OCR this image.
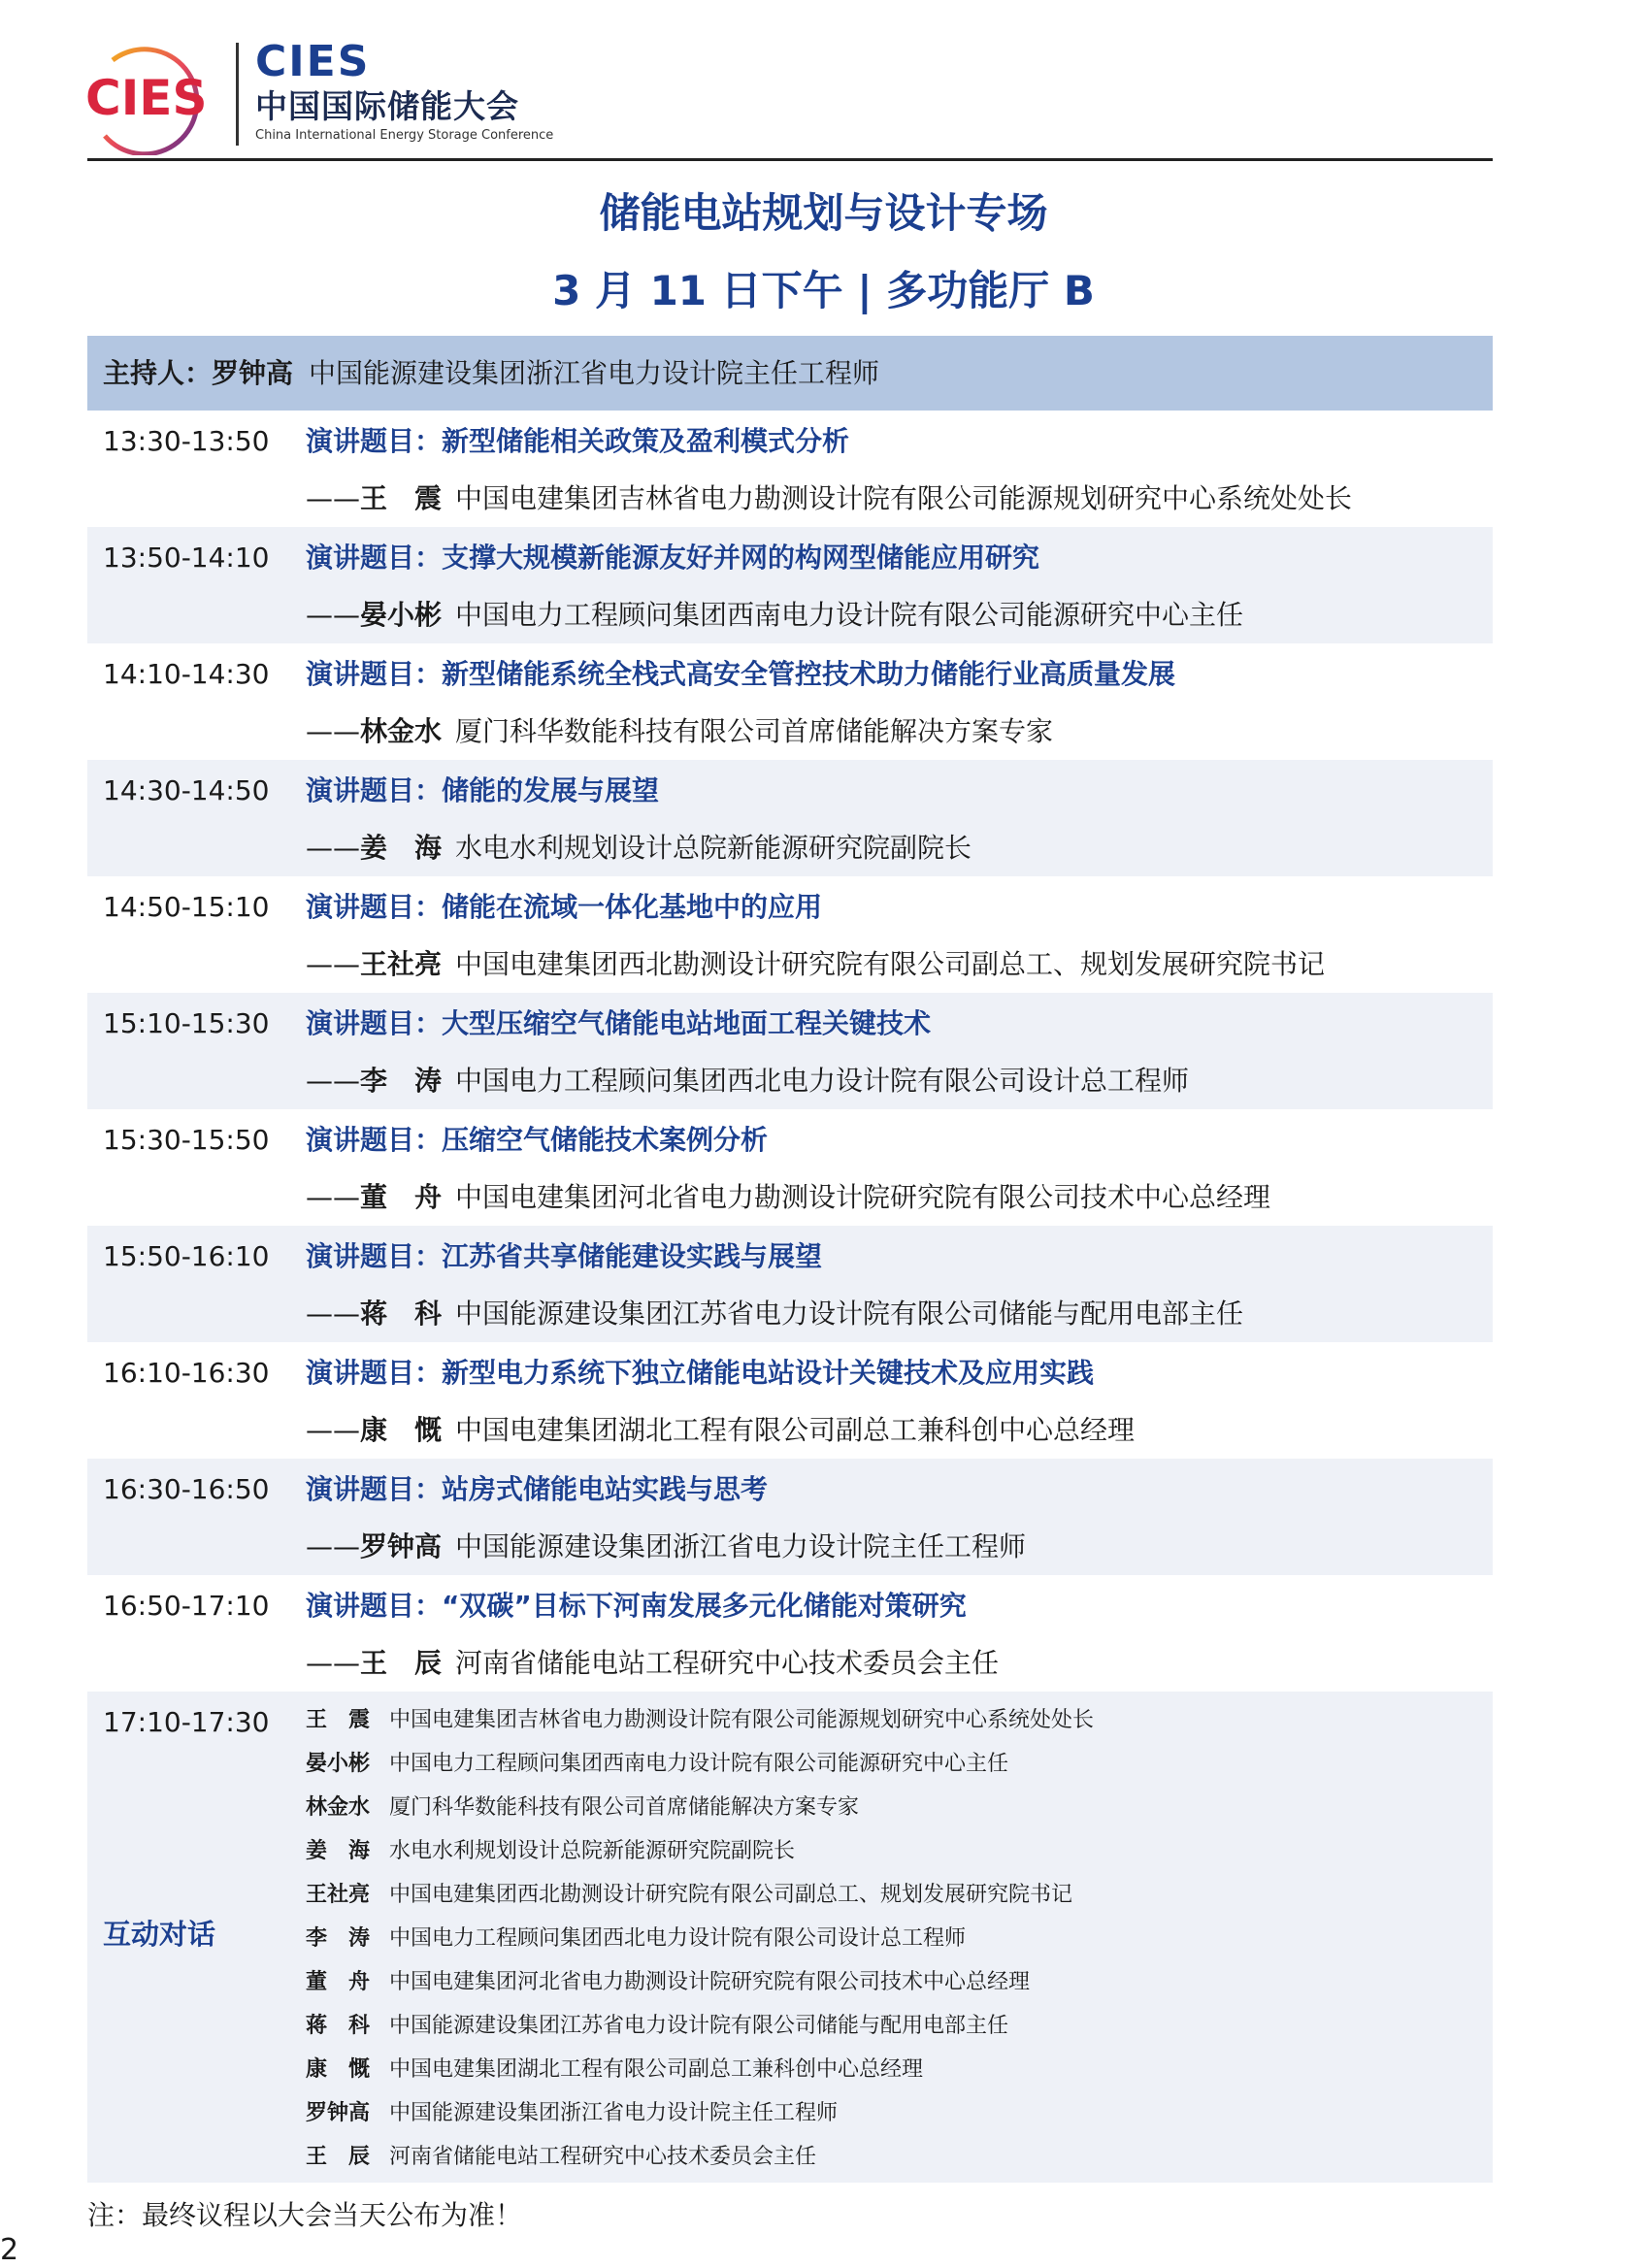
CIES
CIES
中国国际储能大会
China International Energy Storage Conference
储能电站规划与设计专场
3 月 11 日下午 | 多功能厅 B
主持人： 罗钟高 中国能源建设集团浙江省电力设计院主任工程师
13:30-13:50 演讲题目：新型储能相关政策及盈利模式分析
——王　震 中国电建集团吉林省电力勘测设计院有限公司能源规划研究中心系统处处长
13:50-14:10 演讲题目：支撑大规模新能源友好并网的构网型储能应用研究
——晏小彬 中国电力工程顾问集团西南电力设计院有限公司能源研究中心主任
14:10-14:30 演讲题目：新型储能系统全栈式高安全管控技术助力储能行业高质量发展
——林金水 厦门科华数能科技有限公司首席储能解决方案专家
14:30-14:50 演讲题目：储能的发展与展望
——姜　海 水电水利规划设计总院新能源研究院副院长
14:50-15:10 演讲题目：储能在流域一体化基地中的应用
——王社亮 中国电建集团西北勘测设计研究院有限公司副总工、规划发展研究院书记
15:10-15:30 演讲题目：大型压缩空气储能电站地面工程关键技术
——李　涛 中国电力工程顾问集团西北电力设计院有限公司设计总工程师
15:30-15:50 演讲题目：压缩空气储能技术案例分析
——董　舟 中国电建集团河北省电力勘测设计院研究院有限公司技术中心总经理
15:50-16:10 演讲题目：江苏省共享储能建设实践与展望
——蒋　科 中国能源建设集团江苏省电力设计院有限公司储能与配用电部主任
16:10-16:30 演讲题目：新型电力系统下独立储能电站设计关键技术及应用实践
——康　慨 中国电建集团湖北工程有限公司副总工兼科创中心总经理
16:30-16:50 演讲题目：站房式储能电站实践与思考
——罗钟高 中国能源建设集团浙江省电力设计院主任工程师
16:50-17:10 演讲题目：“双碳”目标下河南发展多元化储能对策研究
——王　辰 河南省储能电站工程研究中心技术委员会主任
17:10-17:30
互动对话
王　震 中国电建集团吉林省电力勘测设计院有限公司能源规划研究中心系统处处长
晏小彬 中国电力工程顾问集团西南电力设计院有限公司能源研究中心主任
林金水 厦门科华数能科技有限公司首席储能解决方案专家
姜　海 水电水利规划设计总院新能源研究院副院长
王社亮 中国电建集团西北勘测设计研究院有限公司副总工、规划发展研究院书记
李　涛 中国电力工程顾问集团西北电力设计院有限公司设计总工程师
董　舟 中国电建集团河北省电力勘测设计院研究院有限公司技术中心总经理
蒋　科 中国能源建设集团江苏省电力设计院有限公司储能与配用电部主任
康　慨 中国电建集团湖北工程有限公司副总工兼科创中心总经理
罗钟高 中国能源建设集团浙江省电力设计院主任工程师
王　辰 河南省储能电站工程研究中心技术委员会主任
注：最终议程以大会当天公布为准！
2
